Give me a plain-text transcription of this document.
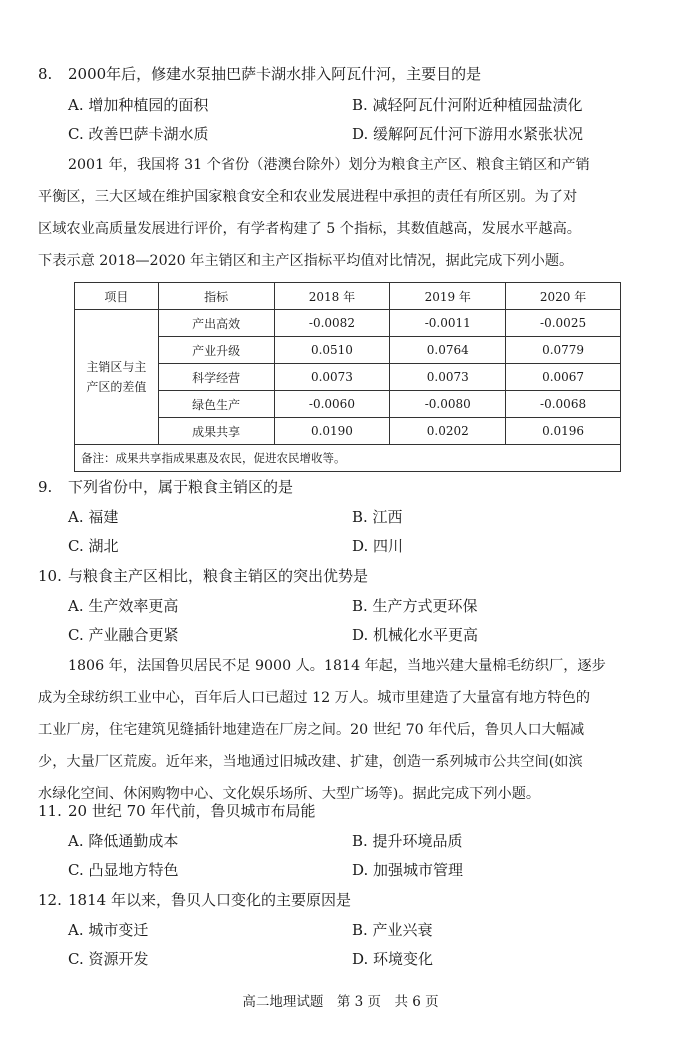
8. 2000年后，修建水泵抽巴萨卡湖水排入阿瓦什河，主要目的是
A. 增加种植园的面积	B. 减轻阿瓦什河附近种植园盐渍化
C. 改善巴萨卡湖水质	D. 缓解阿瓦什河下游用水紧张状况
2001 年，我国将 31 个省份（港澳台除外）划分为粮食主产区、粮食主销区和产销
平衡区，三大区域在维护国家粮食安全和农业发展进程中承担的责任有所区别。为了对
区域农业高质量发展进行评价，有学者构建了 5 个指标，其数值越高，发展水平越高。
下表示意 2018—2020 年主销区和主产区指标平均值对比情况，据此完成下列小题。
项目	指标	2018 年	2019 年	2020 年

主销区与主
产区的差值	产出高效	-0.0082	-0.0011	-0.0025
	产业升级	0.0510	0.0764	0.0779
	科学经营	0.0073	0.0073	0.0067
	绿色生产	-0.0060	-0.0080	-0.0068
	成果共享	0.0190	0.0202	0.0196
备注：成果共享指成果惠及农民，促进农民增收等。				
9. 下列省份中，属于粮食主销区的是
A. 福建	B. 江西
C. 湖北	D. 四川
10. 与粮食主产区相比，粮食主销区的突出优势是
A. 生产效率更高	B. 生产方式更环保
C. 产业融合更紧	D. 机械化水平更高
1806 年，法国鲁贝居民不足 9000 人。1814 年起，当地兴建大量棉毛纺织厂，逐步
成为全球纺织工业中心，百年后人口已超过 12 万人。城市里建造了大量富有地方特色的
工业厂房，住宅建筑见缝插针地建造在厂房之间。20 世纪 70 年代后，鲁贝人口大幅减
少，大量厂区荒废。近年来，当地通过旧城改建、扩建，创造一系列城市公共空间(如滨
水绿化空间、休闲购物中心、文化娱乐场所、大型广场等)。据此完成下列小题。
11. 20 世纪 70 年代前，鲁贝城市布局能
A. 降低通勤成本	B. 提升环境品质
C. 凸显地方特色	D. 加强城市管理
12. 1814 年以来，鲁贝人口变化的主要原因是
A. 城市变迁	B. 产业兴衰
C. 资源开发	D. 环境变化
高二地理试题　第 3 页　共 6 页
